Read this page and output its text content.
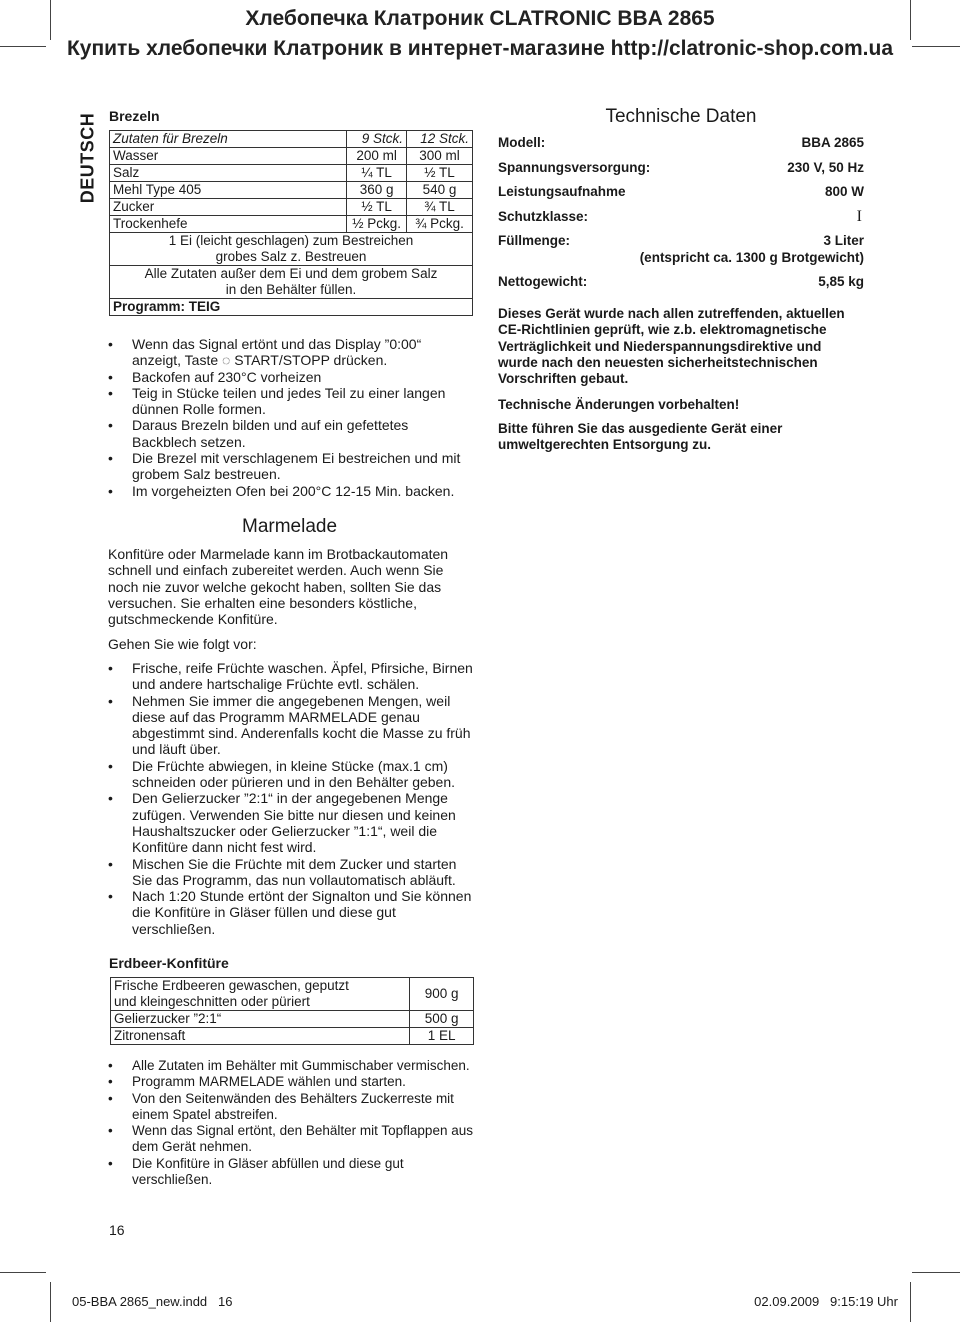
Хлебопечка Клатроник CLATRONIC BBA 2865
Купить хлебопечки Клатроник в интернет-магазине http://clatronic-shop.com.ua
DEUTSCH Brezeln
Zutaten für Brezeln	9 Stck.	12 Stck.
Wasser	200 ml	300 ml
Salz	¼ TL	½ TL
Mehl Type 405	360 g	540 g
Zucker	½ TL	¾ TL
Trockenhefe	½ Pckg.	¾ Pckg.
1 Ei (leicht geschlagen) zum Bestreichen		
grobes Salz z. Bestreuen		
Alle Zutaten außer dem Ei und dem grobem Salz		
in den Behälter füllen.		
Programm: TEIG		
• Wenn das Signal ertönt und das Display ”0:00“ anzeigt, Taste ◌ START/STOPP drücken.
• Backofen auf 230°C vorheizen
• Teig in Stücke teilen und jedes Teil zu einer langen dünnen Rolle formen.
• Daraus Brezeln bilden und auf ein gefettetes Backblech setzen.
• Die Brezel mit verschlagenem Ei bestreichen und mit grobem Salz bestreuen.
• Im vorgeheizten Ofen bei 200°C 12-15 Min. backen.
Marmelade
Konfitüre oder Marmelade kann im Brotbackautomaten schnell und einfach zubereitet werden. Auch wenn Sie noch nie zuvor welche gekocht haben, sollten Sie das versuchen. Sie erhalten eine besonders köstliche, gutschmeckende Konfitüre.
Gehen Sie wie folgt vor:
• Frische, reife Früchte waschen. Äpfel, Pfirsiche, Birnen und andere hartschalige Früchte evtl. schälen.
• Nehmen Sie immer die angegebenen Mengen, weil diese auf das Programm MARMELADE genau abgestimmt sind. Anderenfalls kocht die Masse zu früh und läuft über.
• Die Früchte abwiegen, in kleine Stücke (max.1 cm) schneiden oder pürieren und in den Behälter geben.
• Den Gelierzucker ”2:1“ in der angegebenen Menge zufügen. Verwenden Sie bitte nur diesen und keinen Haushaltszucker oder Gelierzucker ”1:1“, weil die Konfitüre dann nicht fest wird.
• Mischen Sie die Früchte mit dem Zucker und starten Sie das Programm, das nun vollautomatisch abläuft.
• Nach 1:20 Stunde ertönt der Signalton und Sie können die Konfitüre in Gläser füllen und diese gut verschließen.
Erdbeer-Konfitüre
Frische Erdbeeren gewaschen, geputzt
und kleingeschnitten oder püriert	900 g
Gelierzucker ”2:1“	500 g
Zitronensaft	1 EL
• Alle Zutaten im Behälter mit Gummischaber vermischen.
• Programm MARMELADE wählen und starten.
• Von den Seitenwänden des Behälters Zuckerreste mit einem Spatel abstreifen.
• Wenn das Signal ertönt, den Behälter mit Topflappen aus dem Gerät nehmen.
• Die Konfitüre in Gläser abfüllen und diese gut verschließen.
Technische Daten
Modell:	BBA 2865
Spannungsversorgung:	230 V, 50 Hz
Leistungsaufnahme	800 W
Schutzklasse:	I
Füllmenge:	3 Liter
(entspricht ca. 1300 g Brotgewicht)
Nettogewicht:	5,85 kg
Dieses Gerät wurde nach allen zutreffenden, aktuellen CE-Richtlinien geprüft, wie z.b. elektromagnetische Verträglichkeit und Niederspannungsdirektive und wurde nach den neuesten sicherheitstechnischen Vorschriften gebaut.
Technische Änderungen vorbehalten!
Bitte führen Sie das ausgediente Gerät einer umweltgerechten Entsorgung zu.
16
05-BBA 2865_new.indd   16	02.09.2009   9:15:19 Uhr
